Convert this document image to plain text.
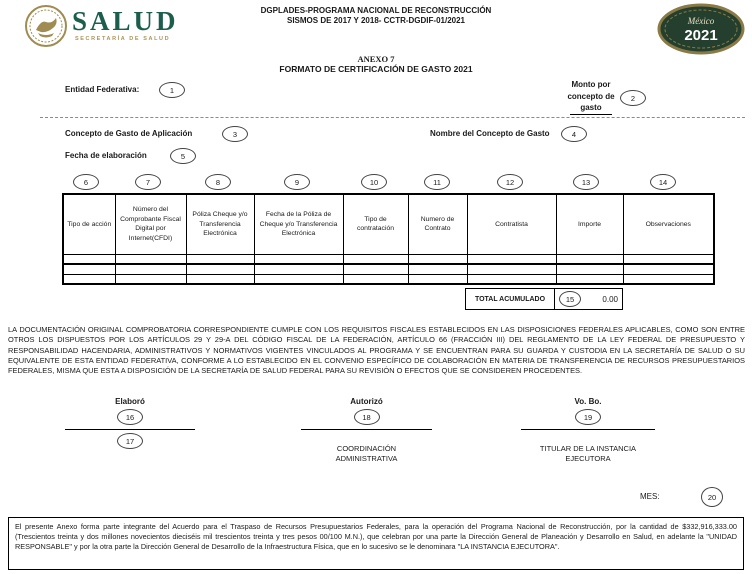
SALUD
SECRETARÍA DE SALUD
DGPLADES-PROGRAMA NACIONAL DE RECONSTRUCCIÓN
SISMOS DE 2017 Y 2018- CCTR-DGDIF-01/2021	México
2021
ANEXO 7
FORMATO DE CERTIFICACIÓN DE GASTO 2021
Entidad Federativa:	1
Monto por
concepto de
gasto
2
Concepto de Gasto de Aplicación	3	Nombre del Concepto de Gasto	4
Fecha de elaboración	5
6	7	8	9	10	11	12	13	14
Tipo de acción	Número del Comprobante Fiscal Digital por Internet(CFDI)	Póliza Cheque y/o Transferencia Electrónica	Fecha de la Póliza de Cheque y/o Transferencia Electrónica	Tipo de contratación	Numero de Contrato	Contratista	Importe	Observaciones

TOTAL ACUMULADO	15	0.00
LA DOCUMENTACIÓN ORIGINAL COMPROBATORIA CORRESPONDIENTE CUMPLE CON LOS REQUISITOS FISCALES ESTABLECIDOS EN LAS DISPOSICIONES FEDERALES APLICABLES, COMO SON ENTRE OTROS LOS DISPUESTOS POR LOS ARTÍCULOS 29 Y 29-A DEL CÓDIGO FISCAL DE LA FEDERACIÓN, ARTÍCULO 66 (FRACCIÓN III) DEL REGLAMENTO DE LA LEY FEDERAL DE PRESUPUESTO Y RESPONSABILIDAD HACENDARIA, ADMINISTRATIVOS Y NORMATIVOS VIGENTES VINCULADOS AL PROGRAMA Y SE ENCUENTRAN PARA SU GUARDA Y CUSTODIA EN LA SECRETARÍA DE SALUD O SU EQUIVALENTE DE ESTA ENTIDAD FEDERATIVA, CONFORME A LO ESTABLECIDO EN EL CONVENIO ESPECÍFICO DE COLABORACIÓN EN MATERIA DE TRANSFERENCIA DE RECURSOS PRESUPUESTARIOS FEDERALES, MISMA QUE ESTA A DISPOSICIÓN DE LA SECRETARÍA DE SALUD FEDERAL PARA SU REVISIÓN O EFECTOS QUE SE CONSIDEREN PROCEDENTES.
Elaboró
16
17
Autorizó
18
COORDINACIÓN ADMINISTRATIVA
Vo. Bo.
19
TITULAR DE LA INSTANCIA EJECUTORA
MES:	20
El presente Anexo forma parte integrante del Acuerdo para el Traspaso de Recursos Presupuestarios Federales, para la operación del Programa Nacional de Reconstrucción, por la cantidad de $332,916,333.00 (Trescientos treinta y dos millones novecientos dieciséis mil trescientos treinta y tres pesos 00/100 M.N.), que celebran por una parte la Dirección General de Planeación y Desarrollo en Salud, en adelante la "UNIDAD RESPONSABLE" y por la otra parte la Dirección General de Desarrollo de la Infraestructura Física, que en lo sucesivo se le denominara "LA INSTANCIA EJECUTORA".
